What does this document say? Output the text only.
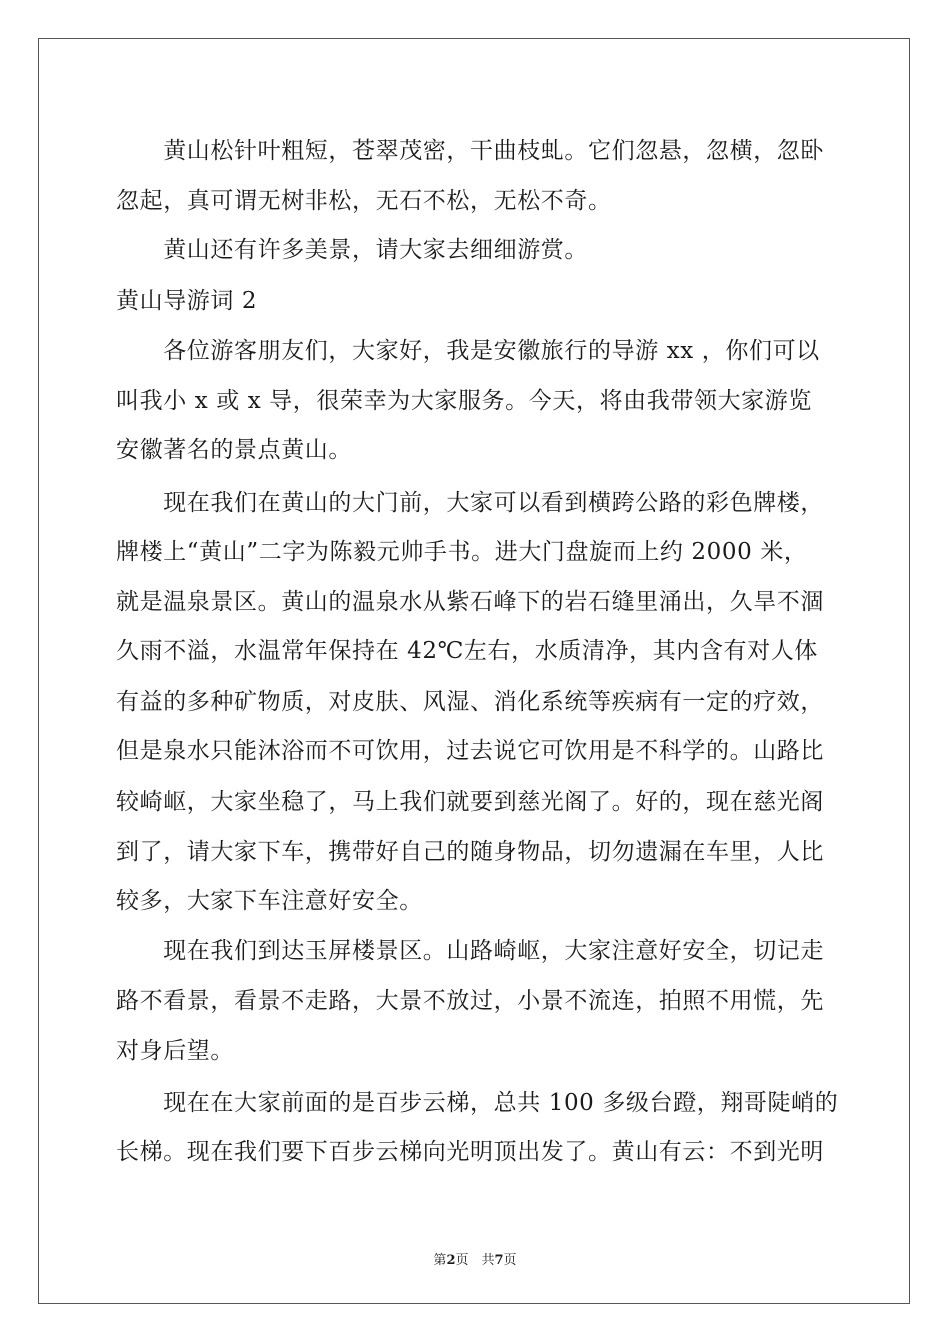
　　黄山松针叶粗短，苍翠茂密，干曲枝虬。它们忽悬，忽横，忽卧
忽起，真可谓无树非松，无石不松，无松不奇。
　　黄山还有许多美景，请大家去细细游赏。
黄山导游词 2
　　各位游客朋友们，大家好，我是安徽旅行的导游 xx ，你们可以
叫我小 x 或 x 导，很荣幸为大家服务。今天，将由我带领大家游览
安徽著名的景点黄山。
　　现在我们在黄山的大门前，大家可以看到横跨公路的彩色牌楼，
牌楼上“黄山”二字为陈毅元帅手书。进大门盘旋而上约 2000 米，
就是温泉景区。黄山的温泉水从紫石峰下的岩石缝里涌出，久旱不涸
久雨不溢，水温常年保持在 42℃左右，水质清净，其内含有对人体
有益的多种矿物质，对皮肤、风湿、消化系统等疾病有一定的疗效，
但是泉水只能沐浴而不可饮用，过去说它可饮用是不科学的。山路比
较崎岖，大家坐稳了，马上我们就要到慈光阁了。好的，现在慈光阁
到了，请大家下车，携带好自己的随身物品，切勿遗漏在车里，人比
较多，大家下车注意好安全。
　　现在我们到达玉屏楼景区。山路崎岖，大家注意好安全，切记走
路不看景，看景不走路，大景不放过，小景不流连，拍照不用慌，先
对身后望。
　　现在在大家前面的是百步云梯，总共 100 多级台蹬，翔哥陡峭的
长梯。现在我们要下百步云梯向光明顶出发了。黄山有云：不到光明
第2页　共7页
